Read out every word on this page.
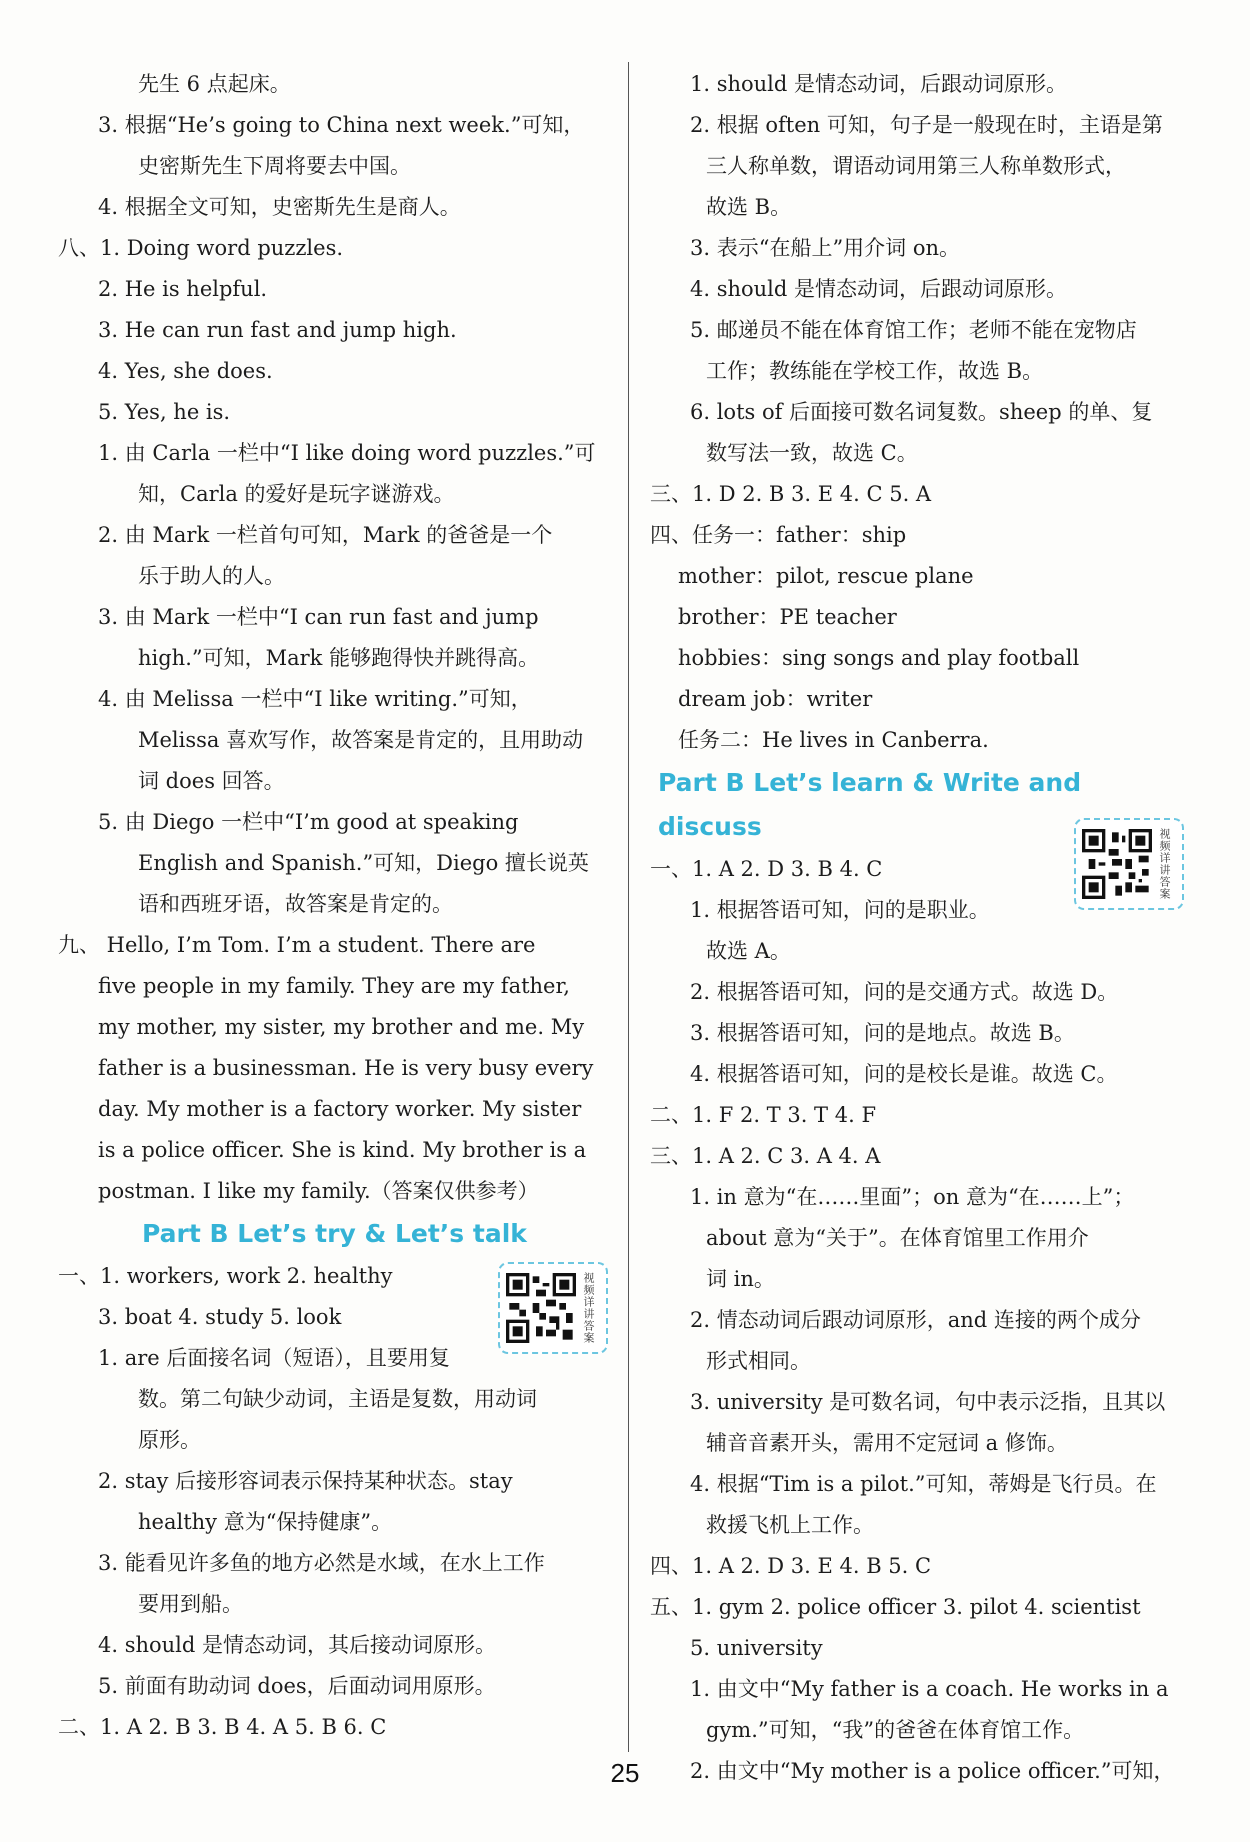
先生 6 点起床。
3. 根据“He’s going to China next week.”可知，
史密斯先生下周将要去中国。
4. 根据全文可知，史密斯先生是商人。
八、1. Doing word puzzles.
2. He is helpful.
3. He can run fast and jump high.
4. Yes, she does.
5. Yes, he is.
1. 由 Carla 一栏中“I like doing word puzzles.”可
知，Carla 的爱好是玩字谜游戏。
2. 由 Mark 一栏首句可知，Mark 的爸爸是一个
乐于助人的人。
3. 由 Mark 一栏中“I can run fast and jump
high.”可知，Mark 能够跑得快并跳得高。
4. 由 Melissa 一栏中“I like writing.”可知，
Melissa 喜欢写作，故答案是肯定的，且用助动
词 does 回答。
5. 由 Diego 一栏中“I’m good at speaking
English and Spanish.”可知，Diego 擅长说英
语和西班牙语，故答案是肯定的。
九、 Hello, I’m Tom. I’m a student. There are
five people in my family. They are my father,
my mother, my sister, my brother and me. My
father is a businessman. He is very busy every
day. My mother is a factory worker. My sister
is a police officer. She is kind. My brother is a
postman. I like my family.（答案仅供参考）
Part B Let’s try & Let’s talk
一、1. workers, work 2. healthy
3. boat 4. study 5. look
1. are 后面接名词（短语），且要用复
数。第二句缺少动词，主语是复数，用动词
原形。
2. stay 后接形容词表示保持某种状态。stay
healthy 意为“保持健康”。
3. 能看见许多鱼的地方必然是水域，在水上工作
要用到船。
4. should 是情态动词，其后接动词原形。
5. 前面有助动词 does，后面动词用原形。
二、1. A 2. B 3. B 4. A 5. B 6. C
视频详讲答案
1. should 是情态动词，后跟动词原形。
2. 根据 often 可知，句子是一般现在时，主语是第
三人称单数，谓语动词用第三人称单数形式，
故选 B。
3. 表示“在船上”用介词 on。
4. should 是情态动词，后跟动词原形。
5. 邮递员不能在体育馆工作；老师不能在宠物店
工作；教练能在学校工作，故选 B。
6. lots of 后面接可数名词复数。sheep 的单、复
数写法一致，故选 C。
三、1. D 2. B 3. E 4. C 5. A
四、任务一：father：ship
mother：pilot, rescue plane
brother：PE teacher
hobbies：sing songs and play football
dream job：writer
任务二：He lives in Canberra.
Part B Let’s learn & Write and discuss
一、1. A 2. D 3. B 4. C
1. 根据答语可知，问的是职业。
故选 A。
2. 根据答语可知，问的是交通方式。故选 D。
3. 根据答语可知，问的是地点。故选 B。
4. 根据答语可知，问的是校长是谁。故选 C。
二、1. F 2. T 3. T 4. F
三、1. A 2. C 3. A 4. A
1. in 意为“在……里面”；on 意为“在……上”；
about 意为“关于”。在体育馆里工作用介
词 in。
2. 情态动词后跟动词原形，and 连接的两个成分
形式相同。
3. university 是可数名词，句中表示泛指，且其以
辅音音素开头，需用不定冠词 a 修饰。
4. 根据“Tim is a pilot.”可知，蒂姆是飞行员。在
救援飞机上工作。
四、1. A 2. D 3. E 4. B 5. C
五、1. gym 2. police officer 3. pilot 4. scientist
5. university
1. 由文中“My father is a coach. He works in a
gym.”可知，“我”的爸爸在体育馆工作。
2. 由文中“My mother is a police officer.”可知，
视频详讲答案
25
